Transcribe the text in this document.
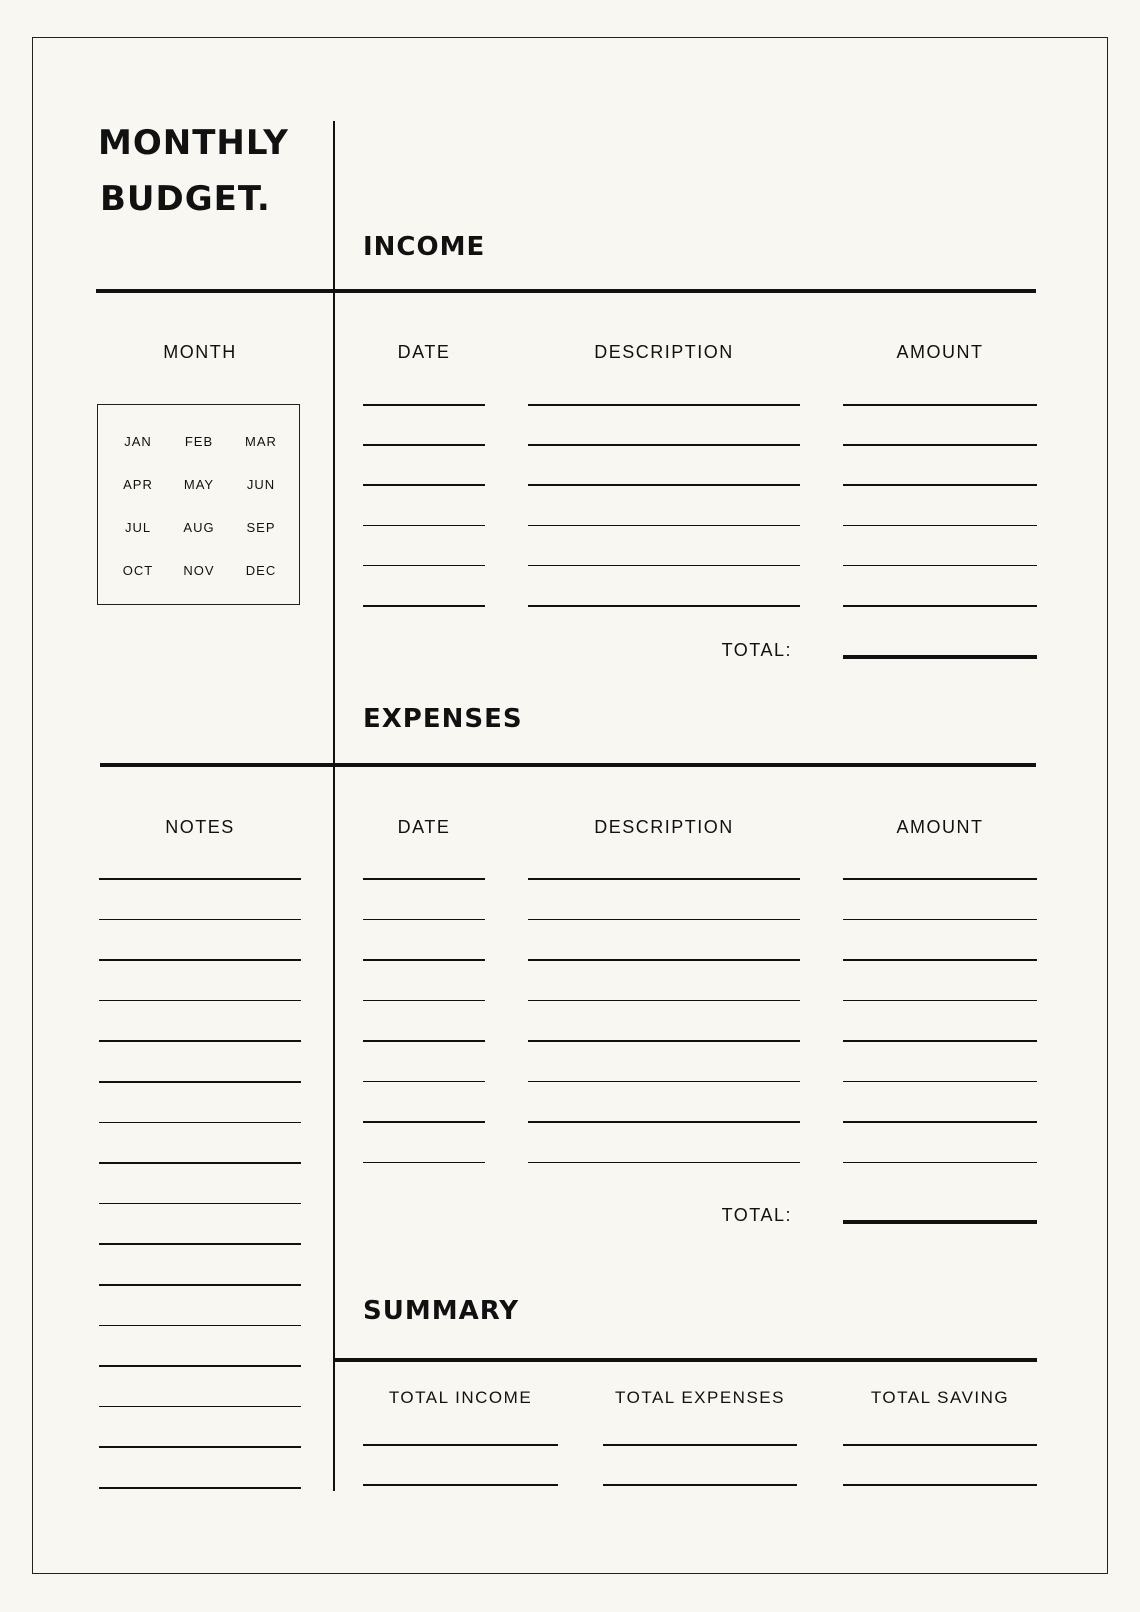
MONTHLY
BUDGET.
INCOME
DATE	DESCRIPTION	AMOUNT
TOTAL:
MONTH
JAN	FEB	MAR
APR	MAY	JUN
JUL	AUG	SEP
OCT	NOV	DEC
EXPENSES
DATE	DESCRIPTION	AMOUNT
TOTAL:
NOTES
SUMMARY
TOTAL INCOME	TOTAL EXPENSES	TOTAL SAVING
